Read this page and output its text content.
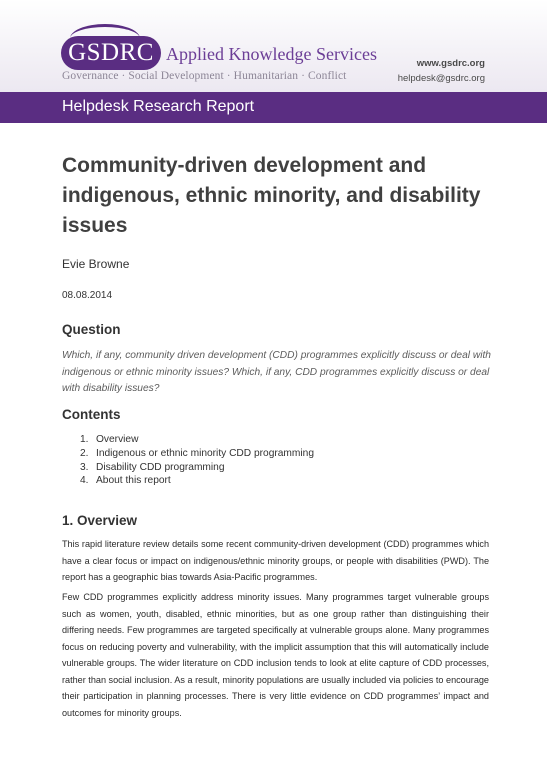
GSDRC Applied Knowledge Services
Governance · Social Development · Humanitarian · Conflict
www.gsdrc.org
helpdesk@gsdrc.org
Helpdesk Research Report
Community-driven development and indigenous, ethnic minority, and disability issues
Evie Browne
08.08.2014
Question
Which, if any, community driven development (CDD) programmes explicitly discuss or deal with indigenous or ethnic minority issues? Which, if any, CDD programmes explicitly discuss or deal with disability issues?
Contents
1. Overview
2. Indigenous or ethnic minority CDD programming
3. Disability CDD programming
4. About this report
1. Overview
This rapid literature review details some recent community-driven development (CDD) programmes which have a clear focus or impact on indigenous/ethnic minority groups, or people with disabilities (PWD). The report has a geographic bias towards Asia-Pacific programmes.
Few CDD programmes explicitly address minority issues. Many programmes target vulnerable groups such as women, youth, disabled, ethnic minorities, but as one group rather than distinguishing their differing needs. Few programmes are targeted specifically at vulnerable groups alone. Many programmes focus on reducing poverty and vulnerability, with the implicit assumption that this will automatically include vulnerable groups. The wider literature on CDD inclusion tends to look at elite capture of CDD processes, rather than social inclusion. As a result, minority populations are usually included via policies to encourage their participation in planning processes. There is very little evidence on CDD programmes’ impact and outcomes for minority groups.
